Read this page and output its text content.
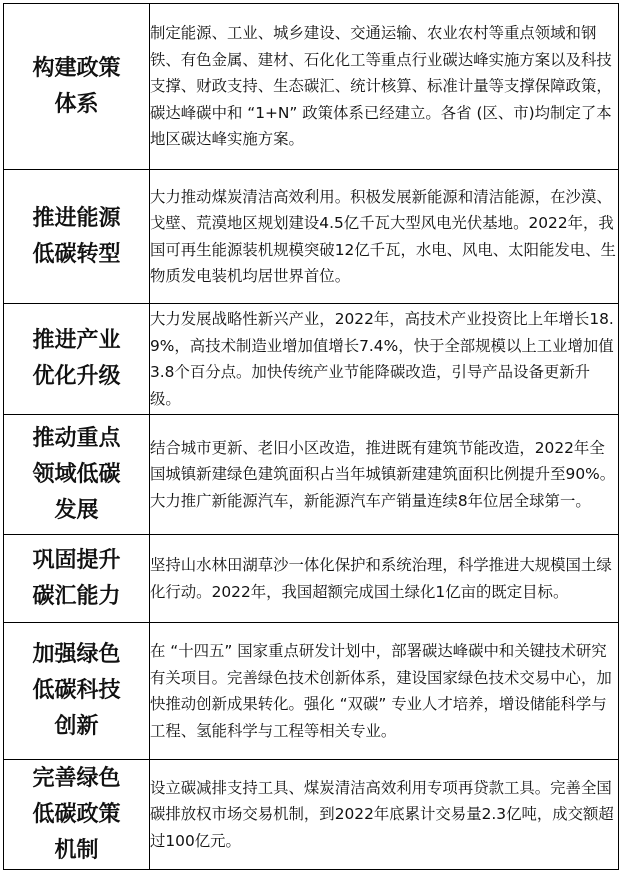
构建政策
体系	制定能源、工业、城乡建设、交通运输、农业农村等重点领域和钢铁、有色金属、建材、石化化工等重点行业碳达峰实施方案以及科技支撑、财政支持、生态碳汇、统计核算、标准计量等支撑保障政策，碳达峰碳中和 “1+N” 政策体系已经建立。各省 (区、市)均制定了本地区碳达峰实施方案。
推进能源
低碳转型	大力推动煤炭清洁高效利用。积极发展新能源和清洁能源，在沙漠、戈壁、荒漠地区规划建设4.5亿千瓦大型风电光伏基地。2022年，我国可再生能源装机规模突破12亿千瓦，水电、风电、太阳能发电、生物质发电装机均居世界首位。
推进产业
优化升级	大力发展战略性新兴产业，2022年，高技术产业投资比上年增长18.9%，高技术制造业增加值增长7.4%，快于全部规模以上工业增加值3.8个百分点。加快传统产业节能降碳改造，引导产品设备更新升级。
推动重点
领域低碳
发展	结合城市更新、老旧小区改造，推进既有建筑节能改造，2022年全国城镇新建绿色建筑面积占当年城镇新建建筑面积比例提升至90%。大力推广新能源汽车，新能源汽车产销量连续8年位居全球第一。
巩固提升
碳汇能力	坚持山水林田湖草沙一体化保护和系统治理，科学推进大规模国土绿化行动。2022年，我国超额完成国土绿化1亿亩的既定目标。
加强绿色
低碳科技
创新	在 “十四五” 国家重点研发计划中，部署碳达峰碳中和关键技术研究有关项目。完善绿色技术创新体系，建设国家绿色技术交易中心，加快推动创新成果转化。强化 “双碳” 专业人才培养，增设储能科学与工程、氢能科学与工程等相关专业。
完善绿色
低碳政策
机制	设立碳减排支持工具、煤炭清洁高效利用专项再贷款工具。完善全国碳排放权市场交易机制，到2022年底累计交易量2.3亿吨，成交额超过100亿元。
